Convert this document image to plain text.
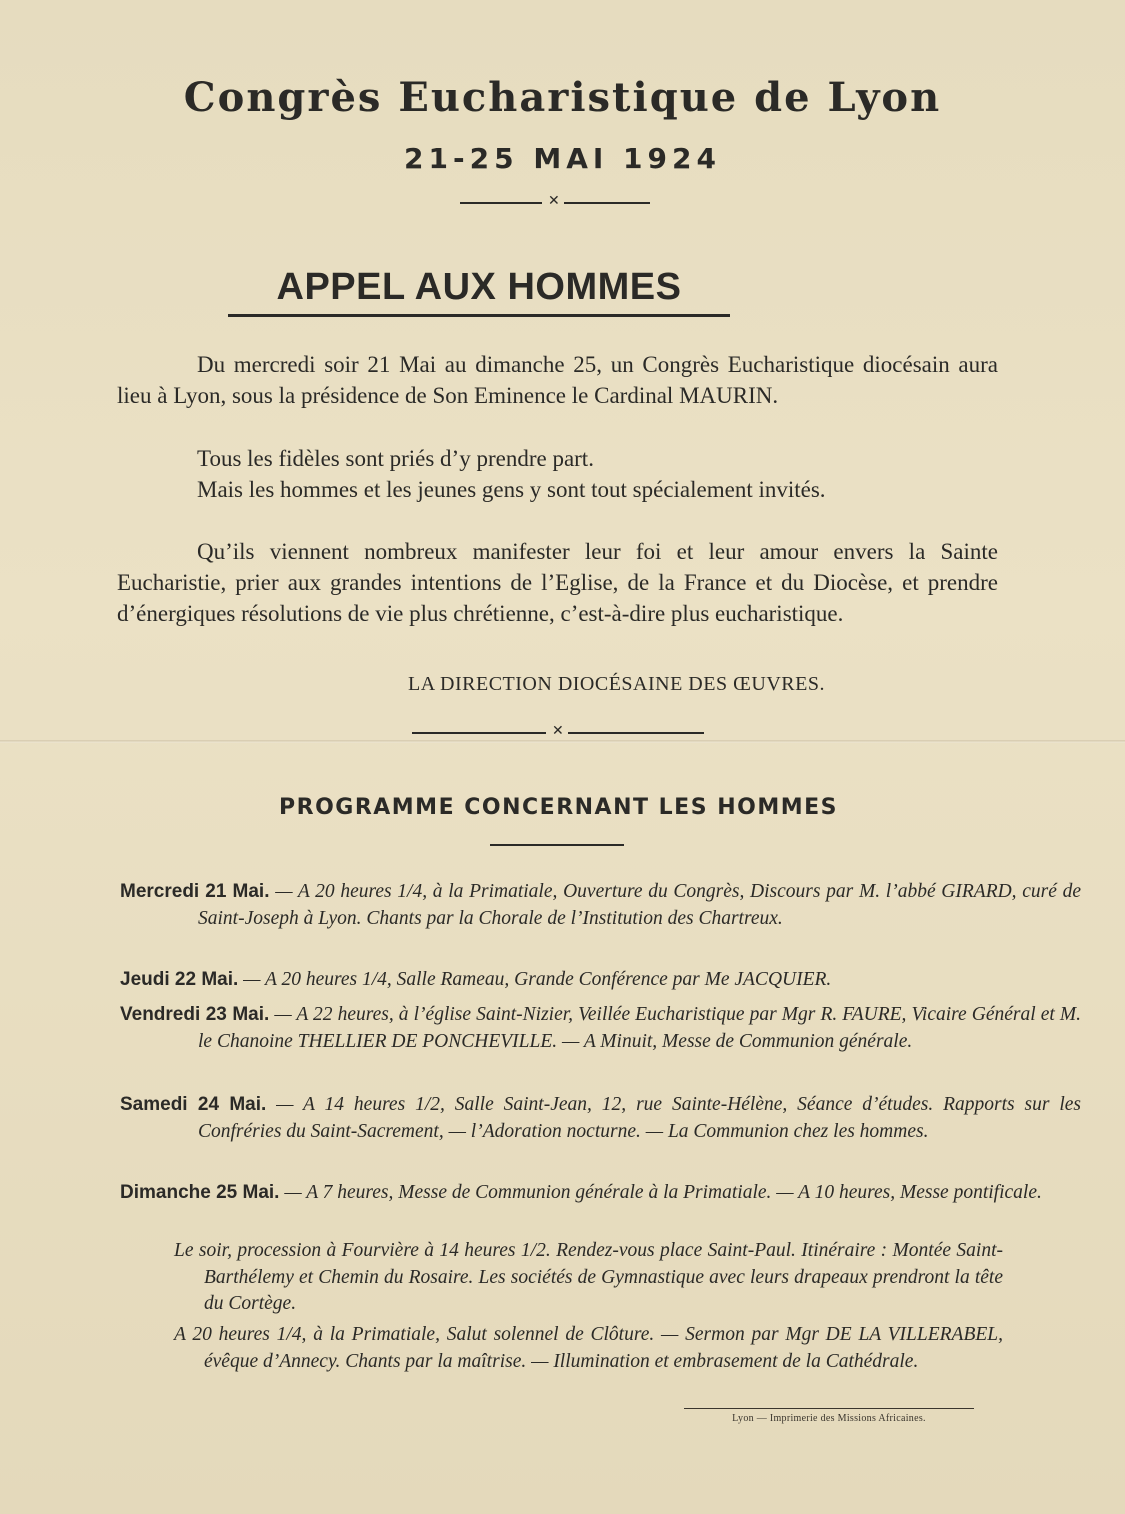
Congrès Eucharistique de Lyon
21-25 MAI 1924
✕
APPEL AUX HOMMES

Du mercredi soir 21 Mai au dimanche 25, un Congrès Eucharistique diocésain aura lieu à Lyon, sous la présidence de Son Eminence le Cardinal MAURIN.

Tous les fidèles sont priés d’y prendre part.

Mais les hommes et les jeunes gens y sont tout spécialement invités.

Qu’ils viennent nombreux manifester leur foi et leur amour envers la Sainte Eucharistie, prier aux grandes intentions de l’Eglise, de la France et du Diocèse, et prendre d’énergiques résolutions de vie plus chrétienne, c’est-à-dire plus eucharistique.

LA DIRECTION DIOCÉSAINE DES ŒUVRES.
✕
PROGRAMME CONCERNANT LES HOMMES
Mercredi 21 Mai. — A 20 heures 1/4, à la Primatiale, Ouverture du Congrès, Discours par M. l’abbé GIRARD, curé de Saint-Joseph à Lyon. Chants par la Chorale de l’Institution des Chartreux.
Jeudi 22 Mai. — A 20 heures 1/4, Salle Rameau, Grande Conférence par Me JACQUIER.
Vendredi 23 Mai. — A 22 heures, à l’église Saint-Nizier, Veillée Eucharistique par Mgr R. FAURE, Vicaire Général et M. le Chanoine THELLIER DE PONCHEVILLE. — A Minuit, Messe de Communion générale.
Samedi 24 Mai. — A 14 heures 1/2, Salle Saint-Jean, 12, rue Sainte-Hélène, Séance d’études. Rapports sur les Confréries du Saint-Sacrement, — l’Adoration nocturne. — La Communion chez les hommes.
Dimanche 25 Mai. — A 7 heures, Messe de Communion générale à la Primatiale. — A 10 heures, Messe pontificale.
Le soir, procession à Fourvière à 14 heures 1/2. Rendez-vous place Saint-Paul. Itinéraire : Montée Saint-Barthélemy et Chemin du Rosaire. Les sociétés de Gymnastique avec leurs drapeaux prendront la tête du Cortège.
A 20 heures 1/4, à la Primatiale, Salut solennel de Clôture. — Sermon par Mgr DE LA VILLERABEL, évêque d’Annecy. Chants par la maîtrise. — Illumination et embrasement de la Cathédrale.
Lyon — Imprimerie des Missions Africaines.
